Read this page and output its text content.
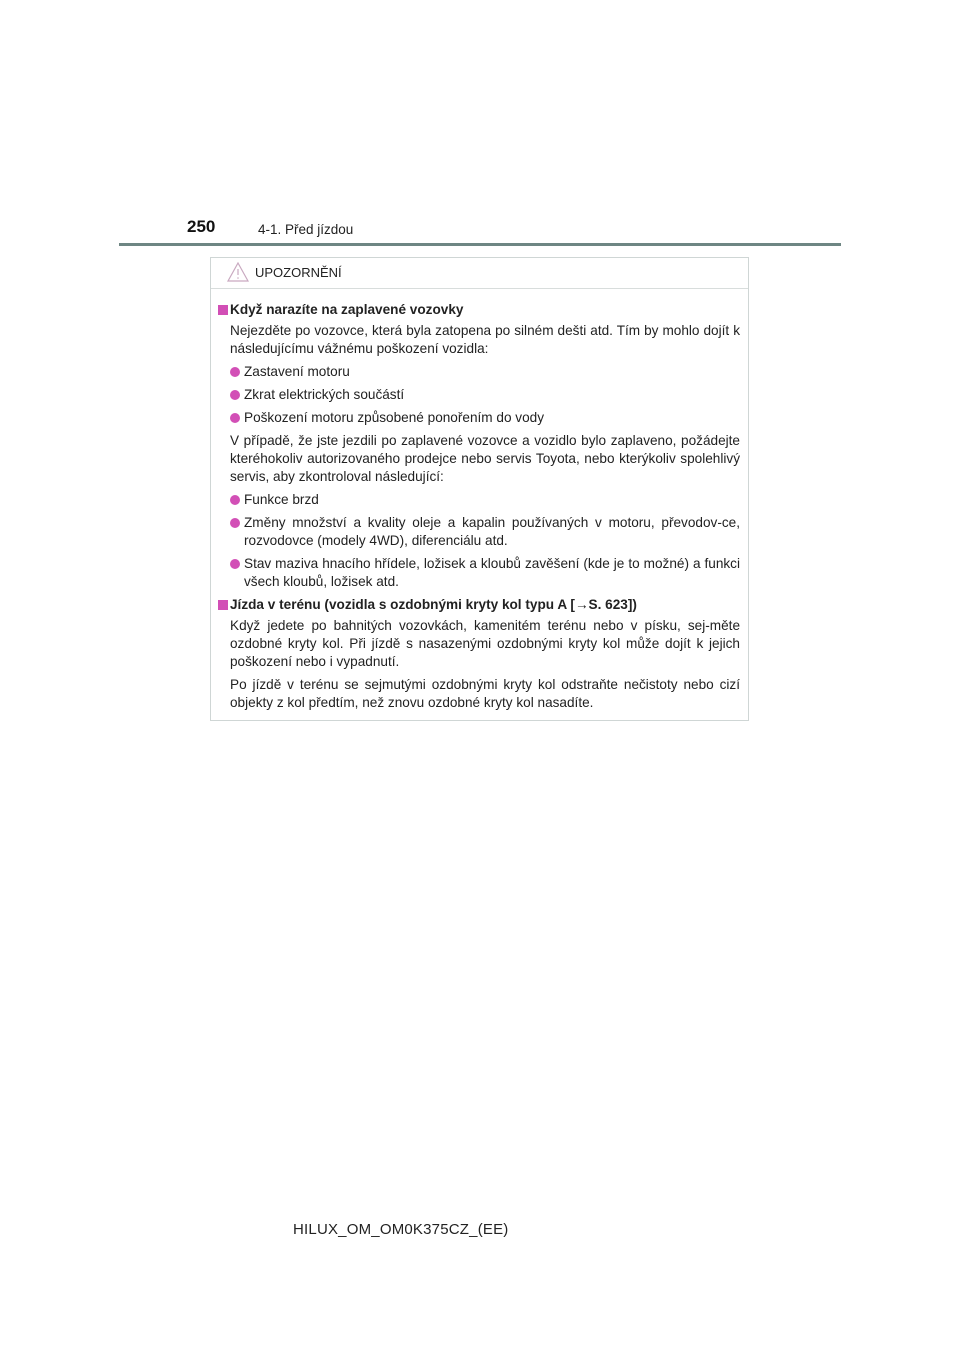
250	4-1. Před jízdou
UPOZORNĚNÍ
Když narazíte na zaplavené vozovky
Nejezděte po vozovce, která byla zatopena po silném dešti atd. Tím by mohlo dojít k následujícímu vážnému poškození vozidla:
Zastavení motoru
Zkrat elektrických součástí
Poškození motoru způsobené ponořením do vody
V případě, že jste jezdili po zaplavené vozovce a vozidlo bylo zaplaveno, požádejte kteréhokoliv autorizovaného prodejce nebo servis Toyota, nebo kterýkoliv spolehlivý servis, aby zkontroloval následující:
Funkce brzd
Změny množství a kvality oleje a kapalin používaných v motoru, převodov-ce, rozvodovce (modely 4WD), diferenciálu atd.
Stav maziva hnacího hřídele, ložisek a kloubů zavěšení (kde je to možné) a funkci všech kloubů, ložisek atd.
Jízda v terénu (vozidla s ozdobnými kryty kol typu A [→S. 623])
Když jedete po bahnitých vozovkách, kamenitém terénu nebo v písku, sej-měte ozdobné kryty kol. Při jízdě s nasazenými ozdobnými kryty kol může dojít k jejich poškození nebo i vypadnutí.
Po jízdě v terénu se sejmutými ozdobnými kryty kol odstraňte nečistoty nebo cizí objekty z kol předtím, než znovu ozdobné kryty kol nasadíte.
HILUX_OM_OM0K375CZ_(EE)
